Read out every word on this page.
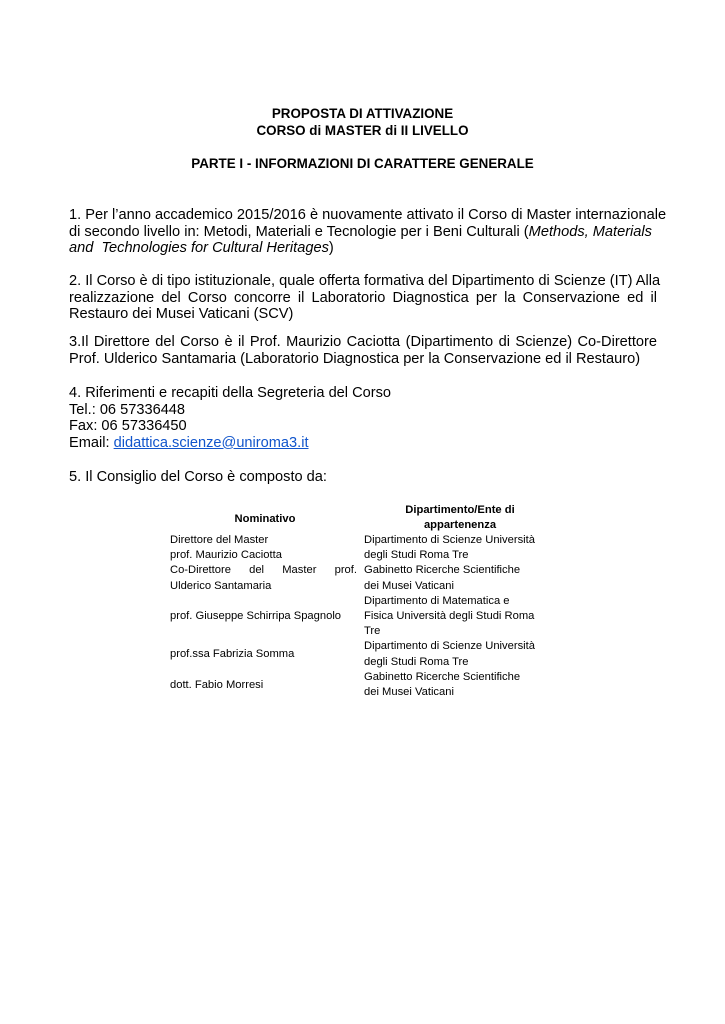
PROPOSTA DI ATTIVAZIONE
CORSO di MASTER di II LIVELLO
PARTE I - INFORMAZIONI DI CARATTERE GENERALE
1. Per l’anno accademico 2015/2016 è nuovamente attivato il Corso di Master internazionale
di secondo livello in: Metodi, Materiali e Tecnologie per i Beni Culturali (Methods, Materials
and  Technologies for Cultural Heritages)
2. Il Corso è di tipo istituzionale, quale offerta formativa del Dipartimento di Scienze (IT) Alla
realizzazione del Corso concorre il Laboratorio Diagnostica per la Conservazione ed il
Restauro dei Musei Vaticani (SCV)
3.Il Direttore del Corso è il Prof. Maurizio Caciotta (Dipartimento di Scienze) Co-Direttore
Prof. Ulderico Santamaria (Laboratorio Diagnostica per la Conservazione ed il Restauro)
4. Riferimenti e recapiti della Segreteria del Corso
Tel.: 06 57336448
Fax: 06 57336450
Email: didattica.scienze@uniroma3.it
5. Il Consiglio del Corso è composto da:
Nominativo
Dipartimento/Ente di
appartenenza
Direttore del Master
prof. Maurizio Caciotta
Dipartimento di Scienze Università
degli Studi Roma Tre
Co-Direttore del Master prof.
Ulderico Santamaria
Gabinetto Ricerche Scientifiche
dei Musei Vaticani
prof. Giuseppe Schirripa Spagnolo
Dipartimento di Matematica e
Fisica Università degli Studi Roma
Tre
prof.ssa Fabrizia Somma
Dipartimento di Scienze Università
degli Studi Roma Tre
dott. Fabio Morresi
Gabinetto Ricerche Scientifiche
dei Musei Vaticani
